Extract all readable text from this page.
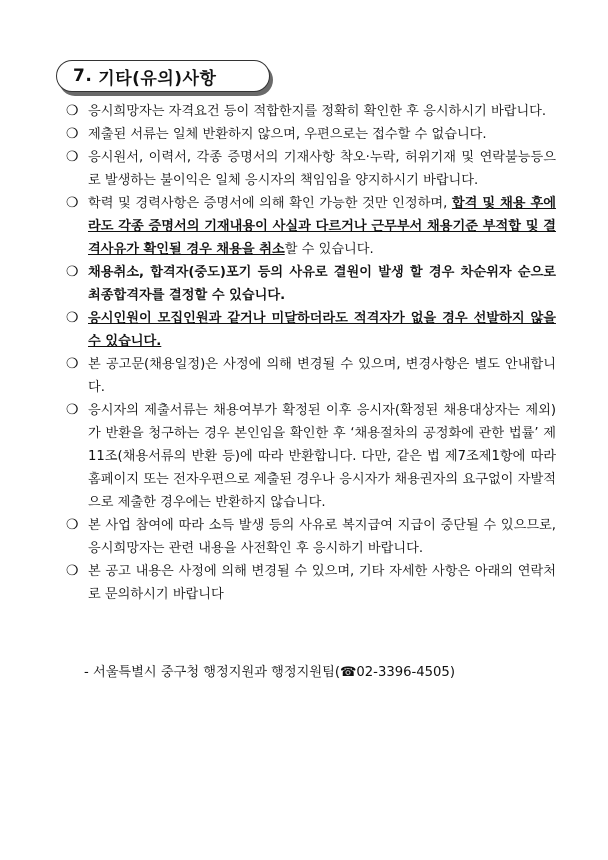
7. 기타(유의)사항
❍ 응시희망자는 자격요건 등이 적합한지를 정확히 확인한 후 응시하시기 바랍니다.
❍ 제출된 서류는 일체 반환하지 않으며, 우편으로는 접수할 수 없습니다.
❍ 응시원서, 이력서, 각종 증명서의 기재사항 착오·누락, 허위기재 및 연락불능등으로 발생하는 불이익은 일체 응시자의 책임임을 양지하시기 바랍니다.
❍ 학력 및 경력사항은 증명서에 의해 확인 가능한 것만 인정하며, 합격 및 채용 후에라도 각종 증명서의 기재내용이 사실과 다르거나 근무부서 채용기준 부적합 및 결격사유가 확인될 경우 채용을 취소할 수 있습니다.
❍ 채용취소, 합격자(중도)포기 등의 사유로 결원이 발생 할 경우 차순위자 순으로 최종합격자를 결정할 수 있습니다.
❍ 응시인원이 모집인원과 같거나 미달하더라도 적격자가 없을 경우 선발하지 않을 수 있습니다.
❍ 본 공고문(채용일정)은 사정에 의해 변경될 수 있으며, 변경사항은 별도 안내합니다.
❍ 응시자의 제출서류는 채용여부가 확정된 이후 응시자(확정된 채용대상자는 제외)가 반환을 청구하는 경우 본인임을 확인한 후 ‘채용절차의 공정화에 관한 법률’ 제11조(채용서류의 반환 등)에 따라 반환합니다. 다만, 같은 법 제7조제1항에 따라 홈페이지 또는 전자우편으로 제출된 경우나 응시자가 채용권자의 요구없이 자발적으로 제출한 경우에는 반환하지 않습니다.
❍ 본 사업 참여에 따라 소득 발생 등의 사유로 복지급여 지급이 중단될 수 있으므로, 응시희망자는 관련 내용을 사전확인 후 응시하기 바랍니다.
❍ 본 공고 내용은 사정에 의해 변경될 수 있으며, 기타 자세한 사항은 아래의 연락처로 문의하시기 바랍니다
- 서울특별시 중구청 행정지원과 행정지원팀(☎02-3396-4505)
